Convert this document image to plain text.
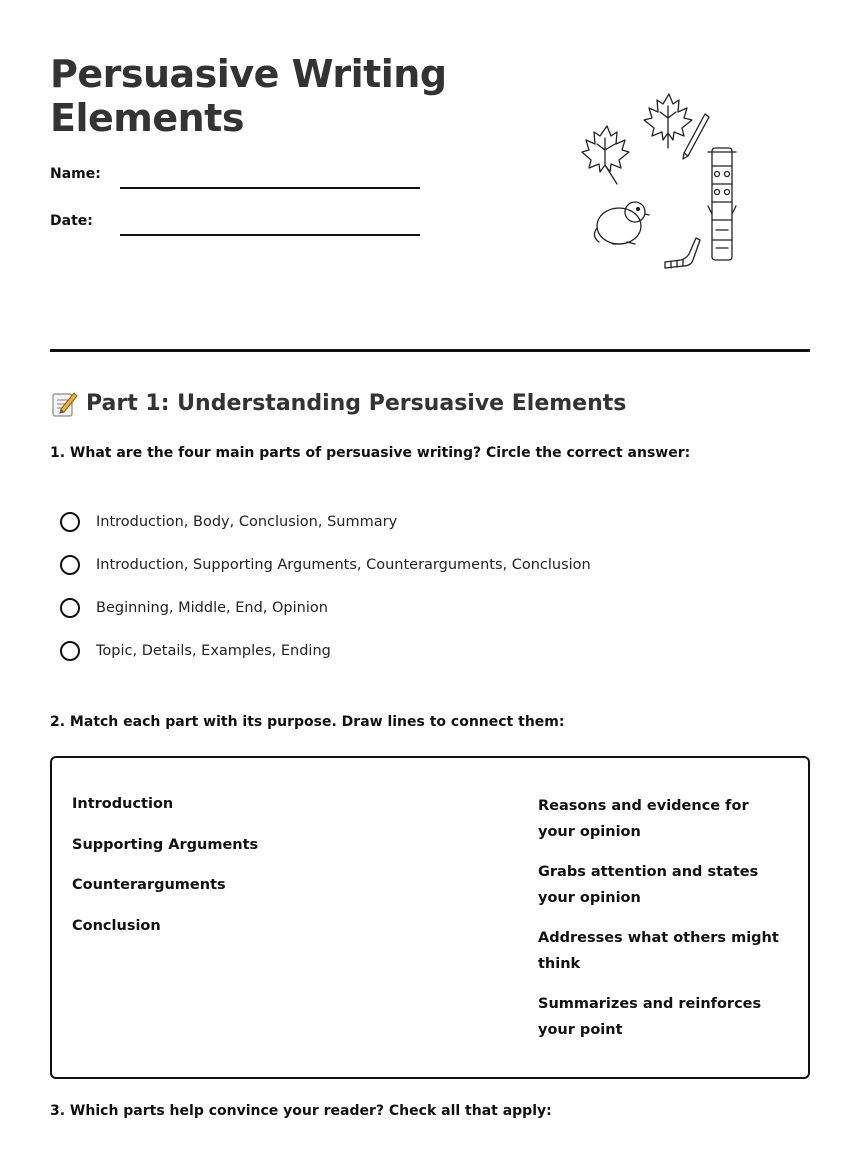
Persuasive Writing Elements
Name:
Date:
Part 1: Understanding Persuasive Elements

1. What are the four main parts of persuasive writing? Circle the correct answer:

Introduction, Body, Conclusion, Summary
Introduction, Supporting Arguments, Counterarguments, Conclusion
Beginning, Middle, End, Opinion
Topic, Details, Examples, Ending

2. Match each part with its purpose. Draw lines to connect them:

Introduction
Supporting Arguments
Counterarguments
Conclusion
Reasons and evidence for your opinion
Grabs attention and states your opinion
Addresses what others might think
Summarizes and reinforces your point

3. Which parts help convince your reader? Check all that apply:
